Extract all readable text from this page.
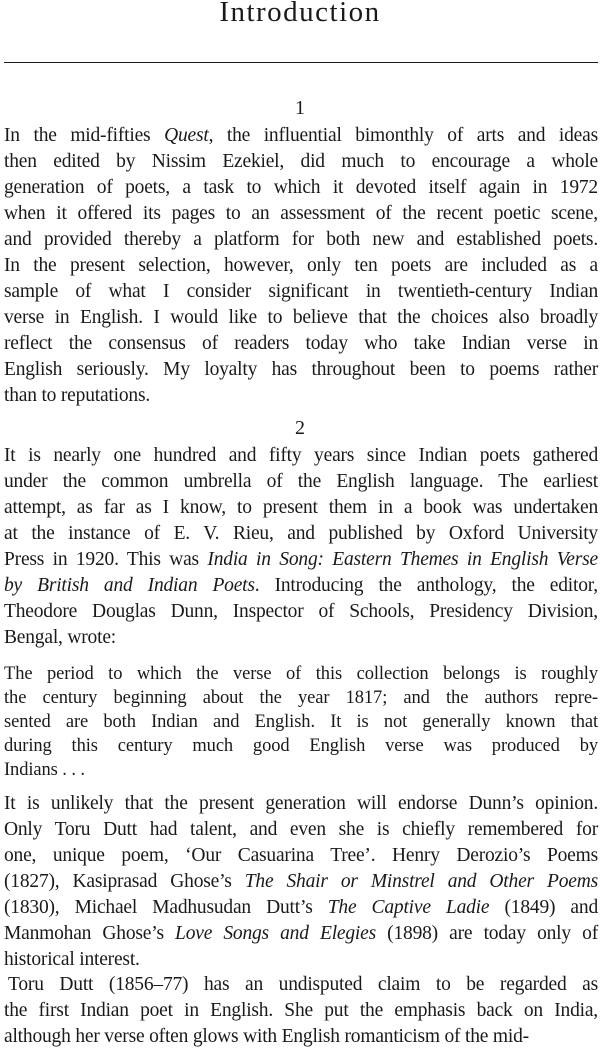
Introduction
1
In the mid-fifties Quest, the influential bimonthly of arts and ideas
then edited by Nissim Ezekiel, did much to encourage a whole
generation of poets, a task to which it devoted itself again in 1972
when it offered its pages to an assessment of the recent poetic scene,
and provided thereby a platform for both new and established poets.
In the present selection, however, only ten poets are included as a
sample of what I consider significant in twentieth-century Indian
verse in English. I would like to believe that the choices also broadly
reflect the consensus of readers today who take Indian verse in
English seriously. My loyalty has throughout been to poems rather
than to reputations.
2
It is nearly one hundred and fifty years since Indian poets gathered
under the common umbrella of the English language. The earliest
attempt, as far as I know, to present them in a book was undertaken
at the instance of E. V. Rieu, and published by Oxford University
Press in 1920. This was India in Song: Eastern Themes in English Verse
by British and Indian Poets. Introducing the anthology, the editor,
Theodore Douglas Dunn, Inspector of Schools, Presidency Division,
Bengal, wrote:
The period to which the verse of this collection belongs is roughly
the century beginning about the year 1817; and the authors repre-
sented are both Indian and English. It is not generally known that
during this century much good English verse was produced by
Indians . . .
It is unlikely that the present generation will endorse Dunn’s opinion.
Only Toru Dutt had talent, and even she is chiefly remembered for
one, unique poem, ‘Our Casuarina Tree’. Henry Derozio’s Poems
(1827), Kasiprasad Ghose’s The Shair or Minstrel and Other Poems
(1830), Michael Madhusudan Dutt’s The Captive Ladie (1849) and
Manmohan Ghose’s Love Songs and Elegies (1898) are today only of
historical interest.
Toru Dutt (1856–77) has an undisputed claim to be regarded as
the first Indian poet in English. She put the emphasis back on India,
although her verse often glows with English romanticism of the mid-
